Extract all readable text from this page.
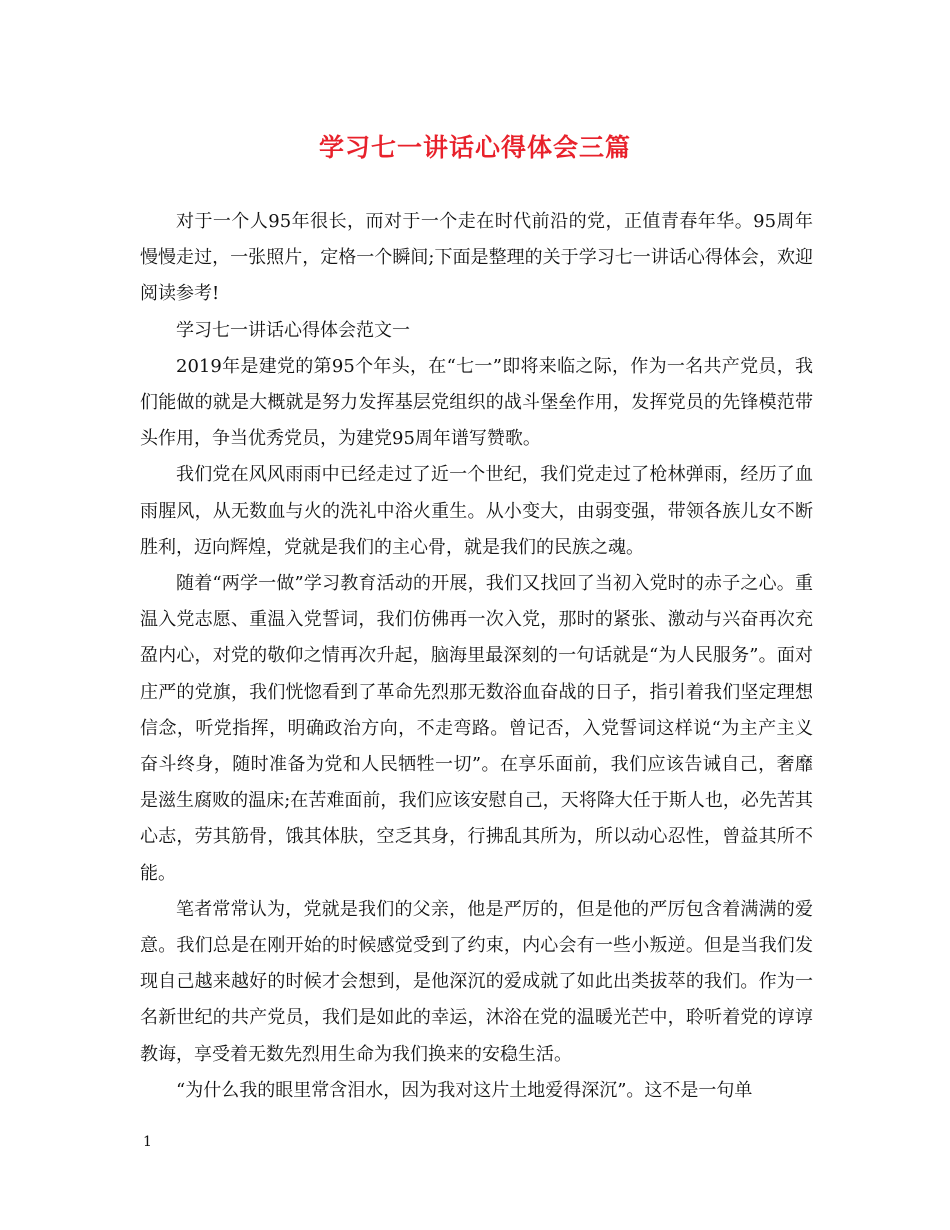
学习七一讲话心得体会三篇

对于一个人95年很长，而对于一个走在时代前沿的党，正值青春年华。95周年慢慢走过，一张照片，定格一个瞬间;下面是整理的关于学习七一讲话心得体会，欢迎阅读参考!

学习七一讲话心得体会范文一

2019年是建党的第95个年头，在“七一”即将来临之际，作为一名共产党员，我们能做的就是大概就是努力发挥基层党组织的战斗堡垒作用，发挥党员的先锋模范带头作用，争当优秀党员，为建党95周年谱写赞歌。

我们党在风风雨雨中已经走过了近一个世纪，我们党走过了枪林弹雨，经历了血雨腥风，从无数血与火的洗礼中浴火重生。从小变大，由弱变强，带领各族儿女不断胜利，迈向辉煌，党就是我们的主心骨，就是我们的民族之魂。

随着“两学一做”学习教育活动的开展，我们又找回了当初入党时的赤子之心。重温入党志愿、重温入党誓词，我们仿佛再一次入党，那时的紧张、激动与兴奋再次充盈内心，对党的敬仰之情再次升起，脑海里最深刻的一句话就是“为人民服务”。面对庄严的党旗，我们恍惚看到了革命先烈那无数浴血奋战的日子，指引着我们坚定理想信念，听党指挥，明确政治方向，不走弯路。曾记否，入党誓词这样说“为主产主义奋斗终身，随时准备为党和人民牺牲一切”。在享乐面前，我们应该告诫自己，奢靡是滋生腐败的温床;在苦难面前，我们应该安慰自己，天将降大任于斯人也，必先苦其心志，劳其筋骨，饿其体肤，空乏其身，行拂乱其所为，所以动心忍性，曾益其所不能。

笔者常常认为，党就是我们的父亲，他是严厉的，但是他的严厉包含着满满的爱意。我们总是在刚开始的时候感觉受到了约束，内心会有一些小叛逆。但是当我们发现自己越来越好的时候才会想到，是他深沉的爱成就了如此出类拔萃的我们。作为一名新世纪的共产党员，我们是如此的幸运，沐浴在党的温暖光芒中，聆听着党的谆谆教诲，享受着无数先烈用生命为我们换来的安稳生活。

“为什么我的眼里常含泪水，因为我对这片土地爱得深沉”。这不是一句单

1
